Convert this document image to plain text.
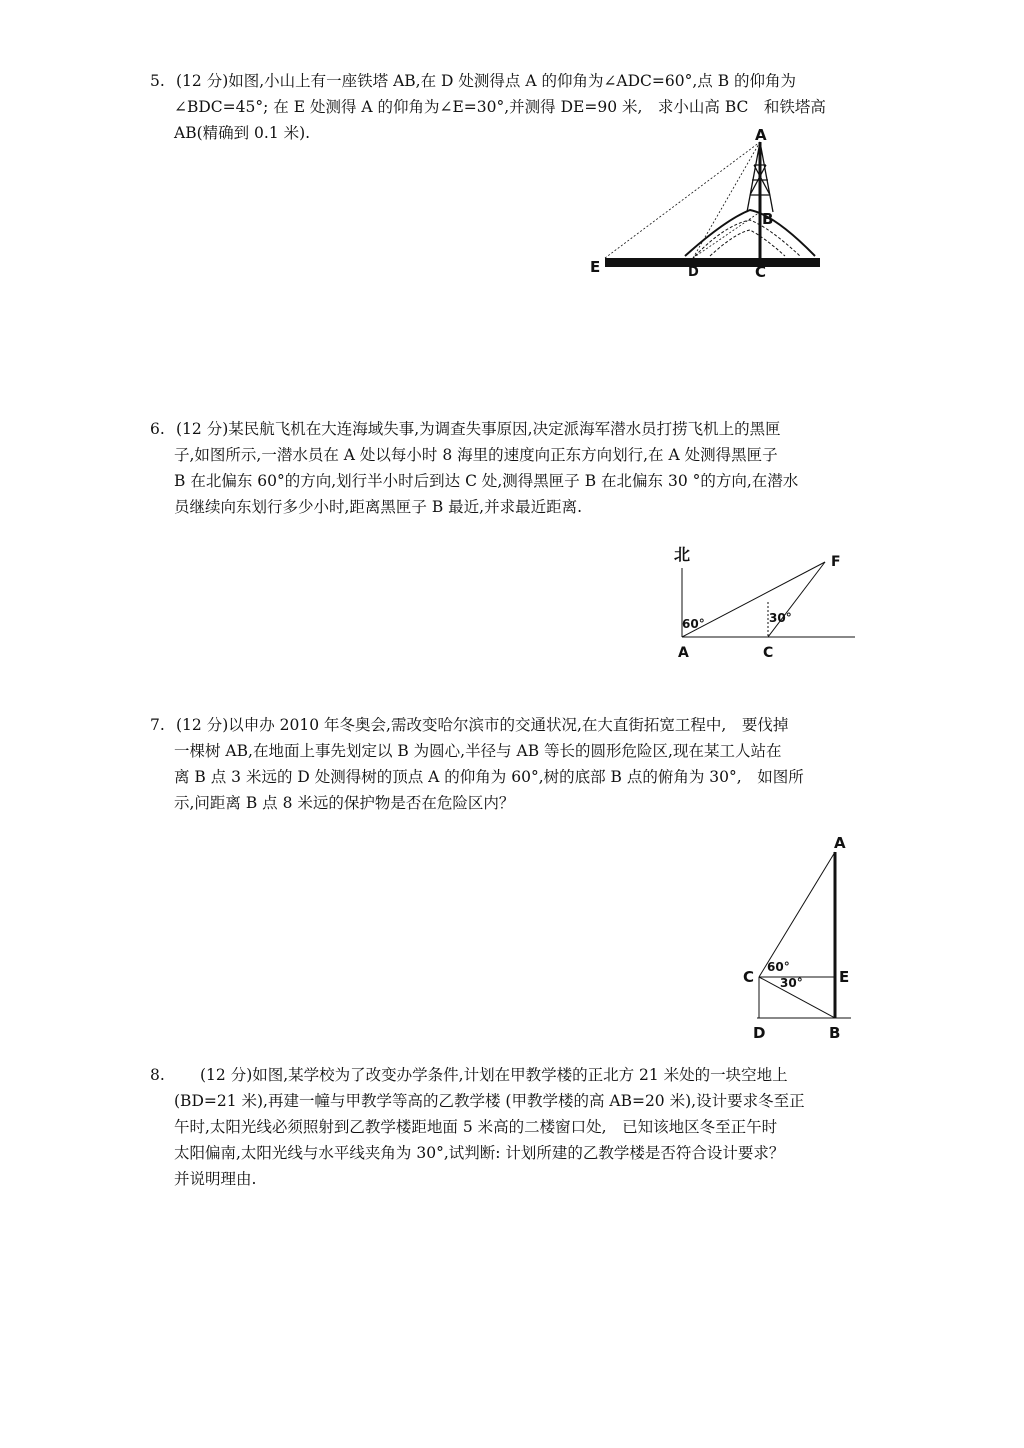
5. (12 分)如图,小山上有一座铁塔 AB,在 D 处测得点 A 的仰角为∠ADC=60°,点 B 的仰角为
∠BDC=45°; 在 E 处测得 A 的仰角为∠E=30°,并测得 DE=90 米,　求小山高 BC　和铁塔高
AB(精确到 0.1 米).	A
B
C
D
E
6. (12 分)某民航飞机在大连海域失事,为调查失事原因,决定派海军潜水员打捞飞机上的黑匣
子,如图所示,一潜水员在 A 处以每小时 8 海里的速度向正东方向划行,在 A 处测得黑匣子
B 在北偏东 60°的方向,划行半小时后到达 C 处,测得黑匣子 B 在北偏东 30 °的方向,在潜水
员继续向东划行多少小时,距离黑匣子 B 最近,并求最近距离.
北	F
60°	30°
A	C
7. (12 分)以申办 2010 年冬奥会,需改变哈尔滨市的交通状况,在大直街拓宽工程中,　要伐掉
一棵树 AB,在地面上事先划定以 B 为圆心,半径与 AB 等长的圆形危险区,现在某工人站在
离 B 点 3 米远的 D 处测得树的顶点 A 的仰角为 60°,树的底部 B 点的俯角为 30°,　如图所
示,问距离 B 点 8 米远的保护物是否在危险区内？
A
C	E
60°
30°
D	B
8. (12 分)如图,某学校为了改变办学条件,计划在甲教学楼的正北方 21 米处的一块空地上
(BD=21 米),再建一幢与甲教学等高的乙教学楼 (甲教学楼的高 AB=20 米),设计要求冬至正
午时,太阳光线必须照射到乙教学楼距地面 5 米高的二楼窗口处,　已知该地区冬至正午时
太阳偏南,太阳光线与水平线夹角为 30°,试判断: 计划所建的乙教学楼是否符合设计要求？
并说明理由.
